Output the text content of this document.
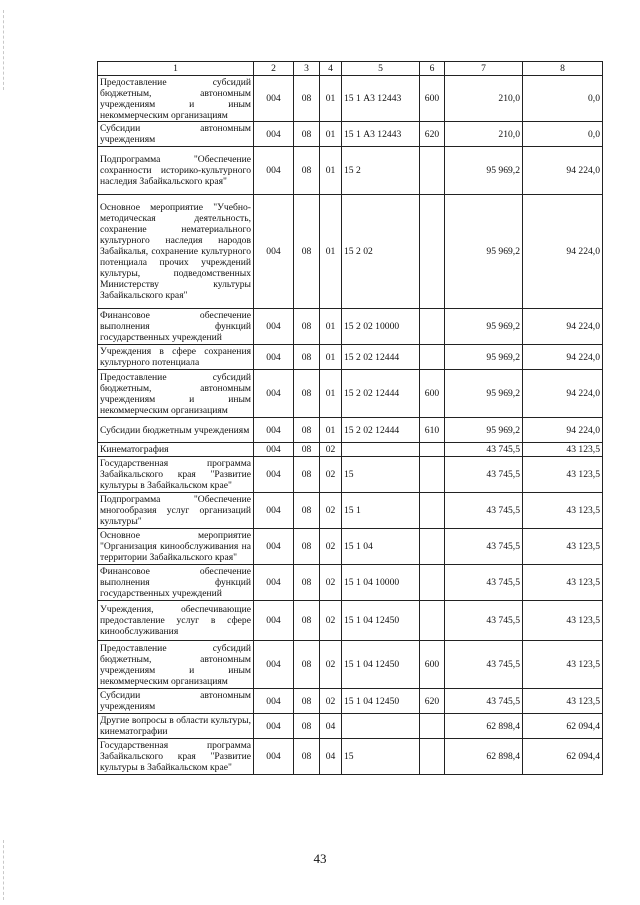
1	2	3	4	5	6	7	8
Предоставление субсидий бюджетным, автономным учреждениям и иным некоммерческим организациям	004	08	01	15 1 А3 12443	600	210,0	0,0
Субсидии автономным учреждениям	004	08	01	15 1 А3 12443	620	210,0	0,0
Подпрограмма "Обеспечение сохранности историко-культурного наследия Забайкальского края"	004	08	01	15 2		95 969,2	94 224,0
Основное мероприятие "Учебно-методическая деятельность, сохранение нематериального культурного наследия народов Забайкалья, сохранение культурного потенциала прочих учреждений культуры, подведомственных Министерству культуры Забайкальского края"	004	08	01	15 2 02		95 969,2	94 224,0
Финансовое обеспечение выполнения функций государственных учреждений	004	08	01	15 2 02 10000		95 969,2	94 224,0
Учреждения в сфере сохранения культурного потенциала	004	08	01	15 2 02 12444		95 969,2	94 224,0
Предоставление субсидий бюджетным, автономным учреждениям и иным некоммерческим организациям	004	08	01	15 2 02 12444	600	95 969,2	94 224,0
Субсидии бюджетным учреждениям	004	08	01	15 2 02 12444	610	95 969,2	94 224,0
Кинематография	004	08	02			43 745,5	43 123,5
Государственная программа Забайкальского края "Развитие культуры в Забайкальском крае"	004	08	02	15		43 745,5	43 123,5
Подпрограмма "Обеспечение многообразия услуг организаций культуры"	004	08	02	15 1		43 745,5	43 123,5
Основное мероприятие "Организация кинообслуживания на территории Забайкальского края"	004	08	02	15 1 04		43 745,5	43 123,5
Финансовое обеспечение выполнения функций государственных учреждений	004	08	02	15 1 04 10000		43 745,5	43 123,5
Учреждения, обеспечивающие предоставление услуг в сфере кинообслуживания	004	08	02	15 1 04 12450		43 745,5	43 123,5
Предоставление субсидий бюджетным, автономным учреждениям и иным некоммерческим организациям	004	08	02	15 1 04 12450	600	43 745,5	43 123,5
Субсидии автономным учреждениям	004	08	02	15 1 04 12450	620	43 745,5	43 123,5
Другие вопросы в области культуры, кинематографии	004	08	04			62 898,4	62 094,4
Государственная программа Забайкальского края "Развитие культуры в Забайкальском крае"	004	08	04	15		62 898,4	62 094,4
43
